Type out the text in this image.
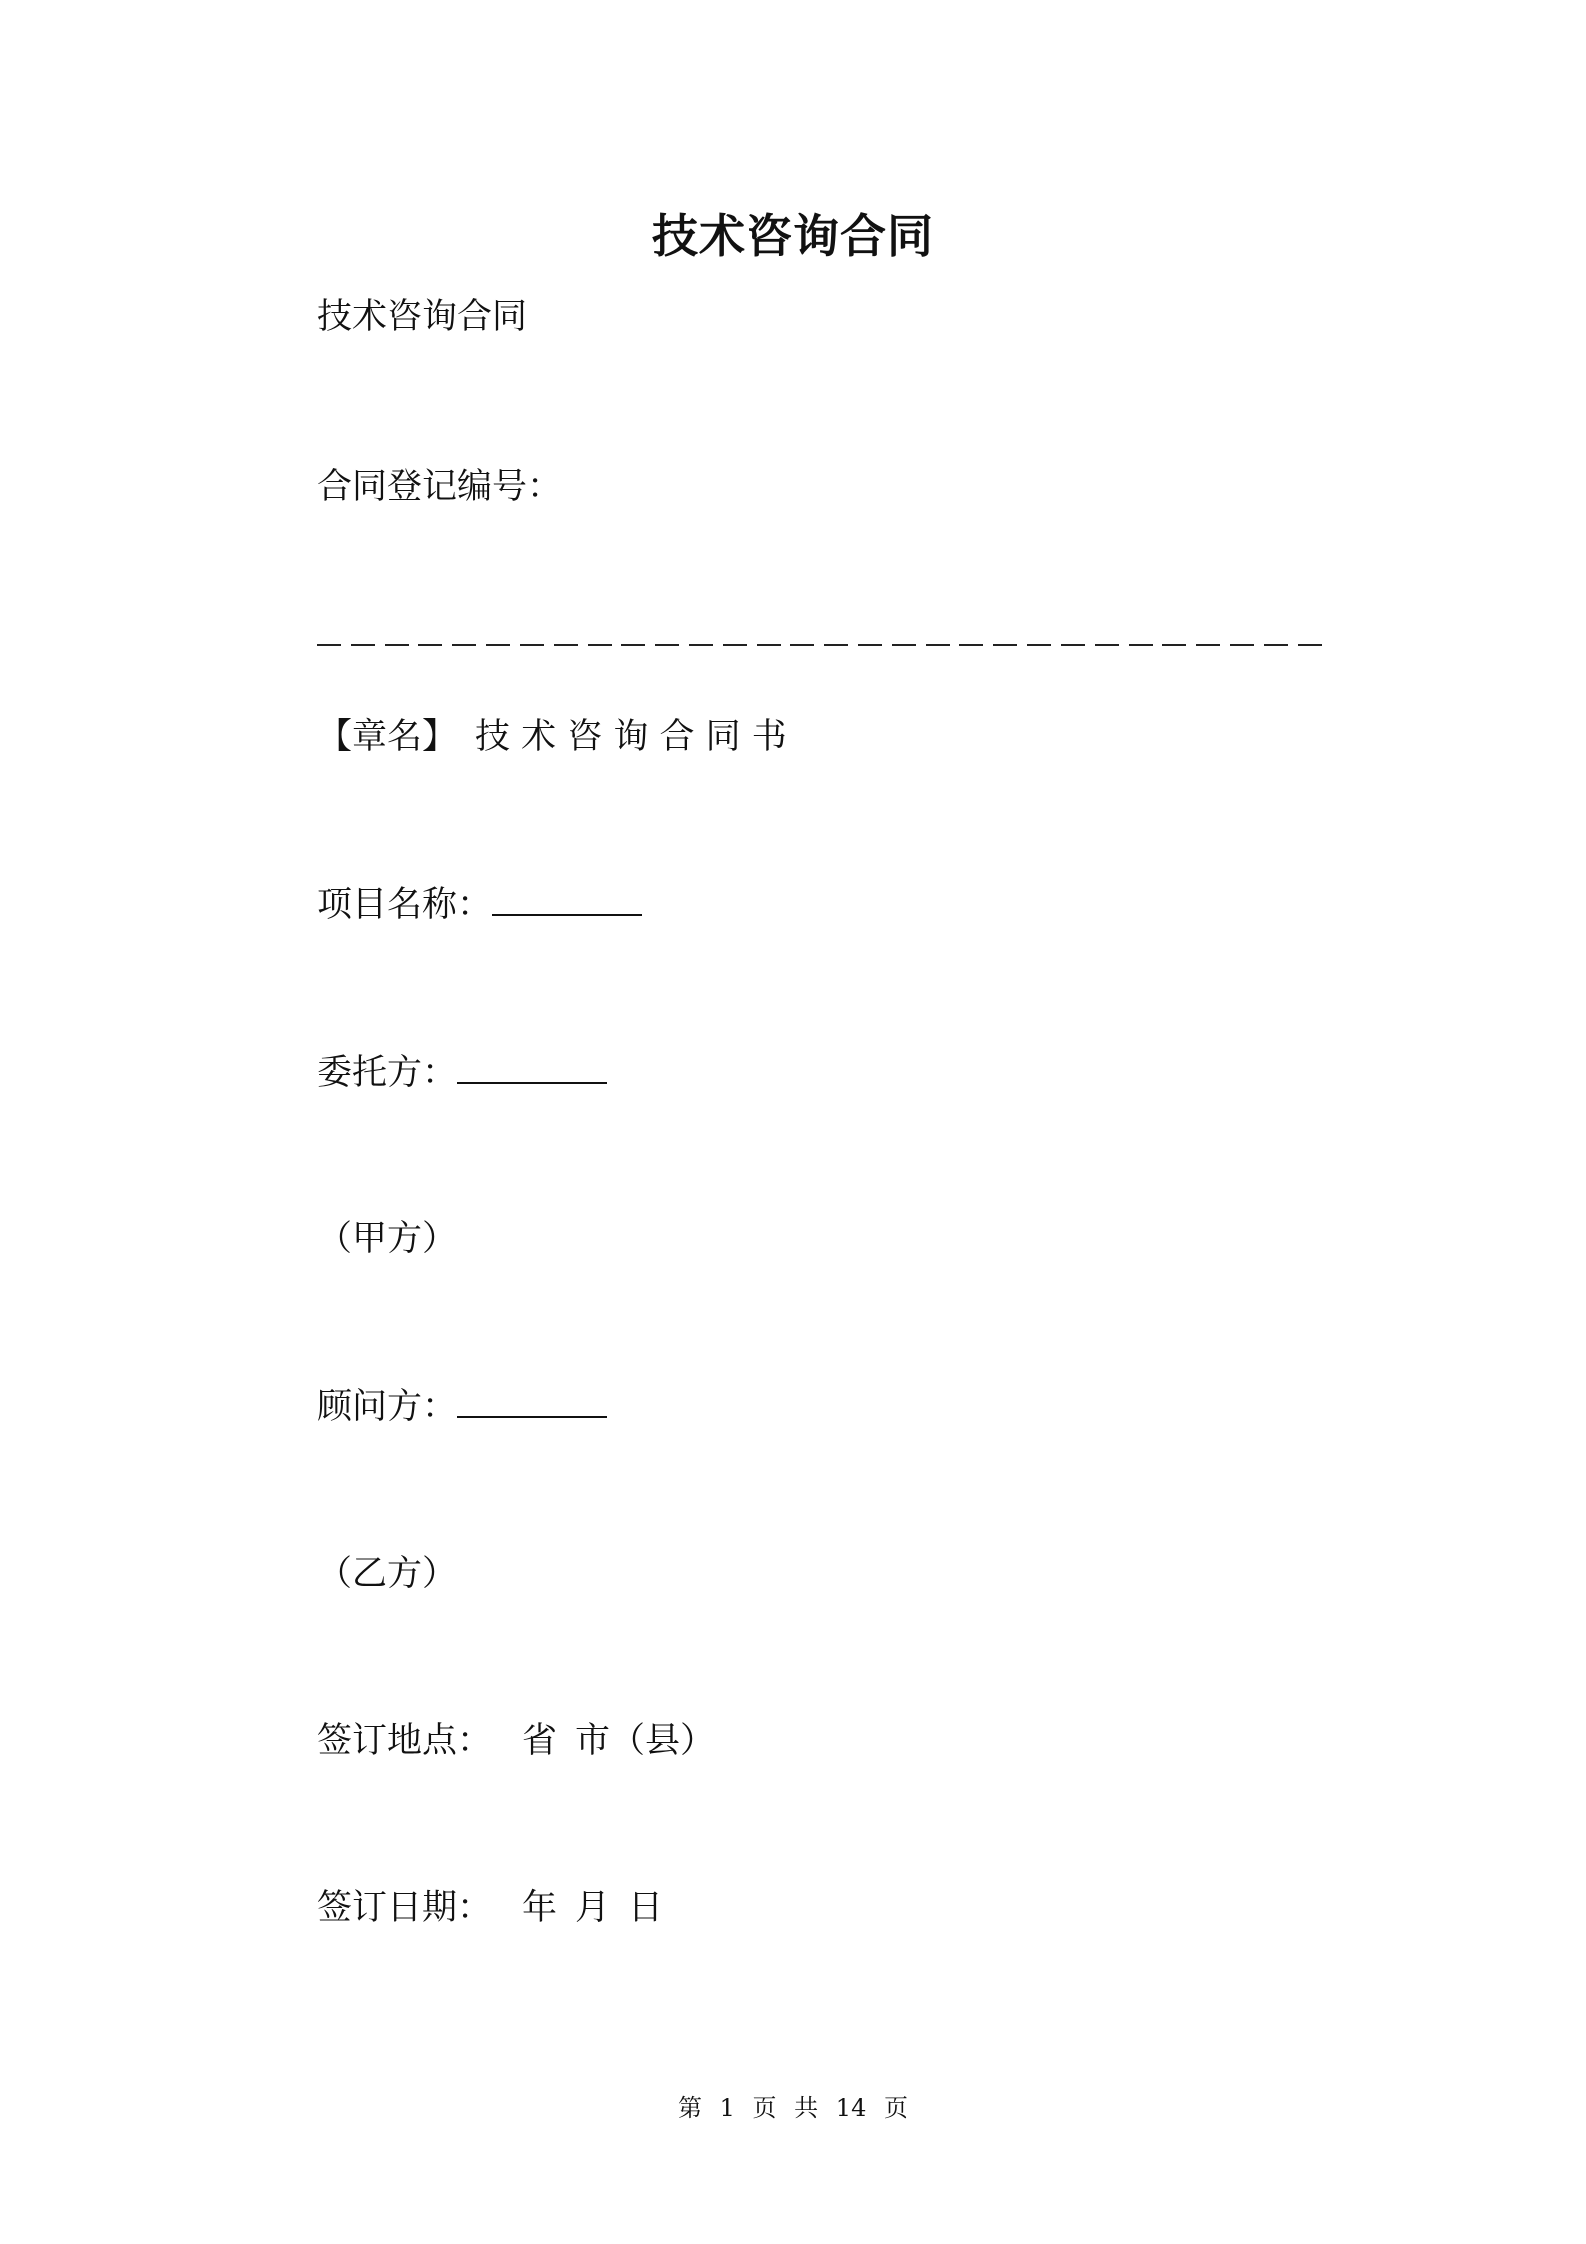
技术咨询合同

技术咨询合同

合同登记编号：

【章名】 技 术 咨 询 合 同 书

项目名称：

委托方：

（甲方）

顾问方：

（乙方）

签订地点： 省 市（县）

签订日期： 年 月 日

第 1 页 共 14 页
